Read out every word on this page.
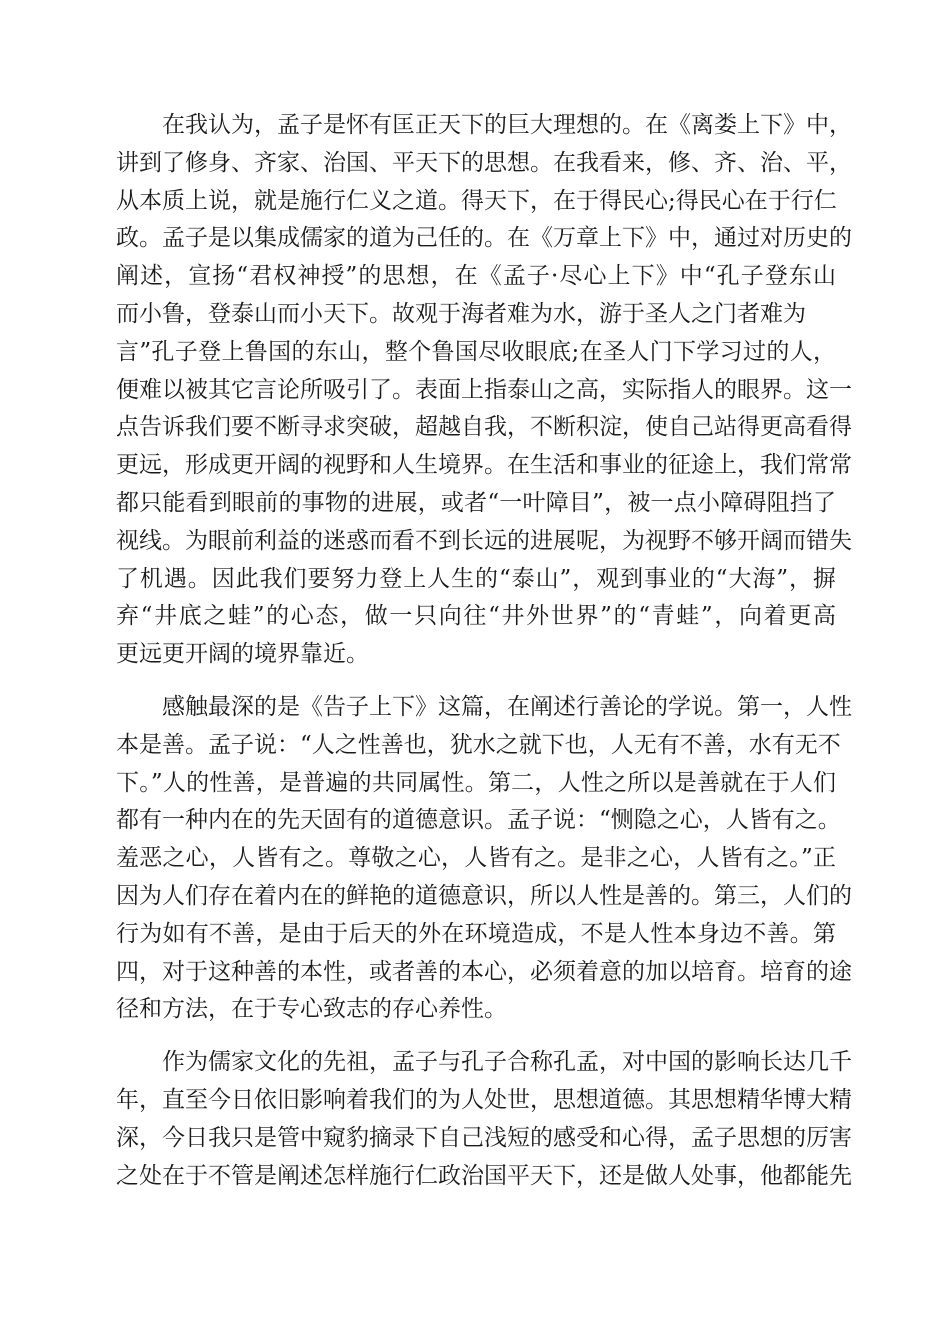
在我认为，孟子是怀有匡正天下的巨大理想的。在《离娄上下》中，
讲到了修身、齐家、治国、平天下的思想。在我看来，修、齐、治、平，
从本质上说，就是施行仁义之道。得天下，在于得民心;得民心在于行仁
政。孟子是以集成儒家的道为己任的。在《万章上下》中，通过对历史的
阐述，宣扬“君权神授”的思想，在《孟子·尽心上下》中“孔子登东山
而小鲁，登泰山而小天下。故观于海者难为水，游于圣人之门者难为
言”孔子登上鲁国的东山，整个鲁国尽收眼底;在圣人门下学习过的人，
便难以被其它言论所吸引了。表面上指泰山之高，实际指人的眼界。这一
点告诉我们要不断寻求突破，超越自我，不断积淀，使自己站得更高看得
更远，形成更开阔的视野和人生境界。在生活和事业的征途上，我们常常
都只能看到眼前的事物的进展，或者“一叶障目”，被一点小障碍阻挡了
视线。为眼前利益的迷惑而看不到长远的进展呢，为视野不够开阔而错失
了机遇。因此我们要努力登上人生的“泰山”，观到事业的“大海”，摒
弃“井底之蛙”的心态，做一只向往“井外世界”的“青蛙”，向着更高
更远更开阔的境界靠近。

感触最深的是《告子上下》这篇，在阐述行善论的学说。第一，人性
本是善。孟子说：“人之性善也，犹水之就下也，人无有不善，水有无不
下。”人的性善，是普遍的共同属性。第二，人性之所以是善就在于人们
都有一种内在的先天固有的道德意识。孟子说：“恻隐之心，人皆有之。
羞恶之心，人皆有之。尊敬之心，人皆有之。是非之心，人皆有之。”正
因为人们存在着内在的鲜艳的道德意识，所以人性是善的。第三，人们的
行为如有不善，是由于后天的外在环境造成，不是人性本身边不善。第
四，对于这种善的本性，或者善的本心，必须着意的加以培育。培育的途
径和方法，在于专心致志的存心养性。

作为儒家文化的先祖，孟子与孔子合称孔孟，对中国的影响长达几千
年，直至今日依旧影响着我们的为人处世，思想道德。其思想精华博大精
深，今日我只是管中窥豹摘录下自己浅短的感受和心得，孟子思想的厉害
之处在于不管是阐述怎样施行仁政治国平天下，还是做人处事，他都能先
